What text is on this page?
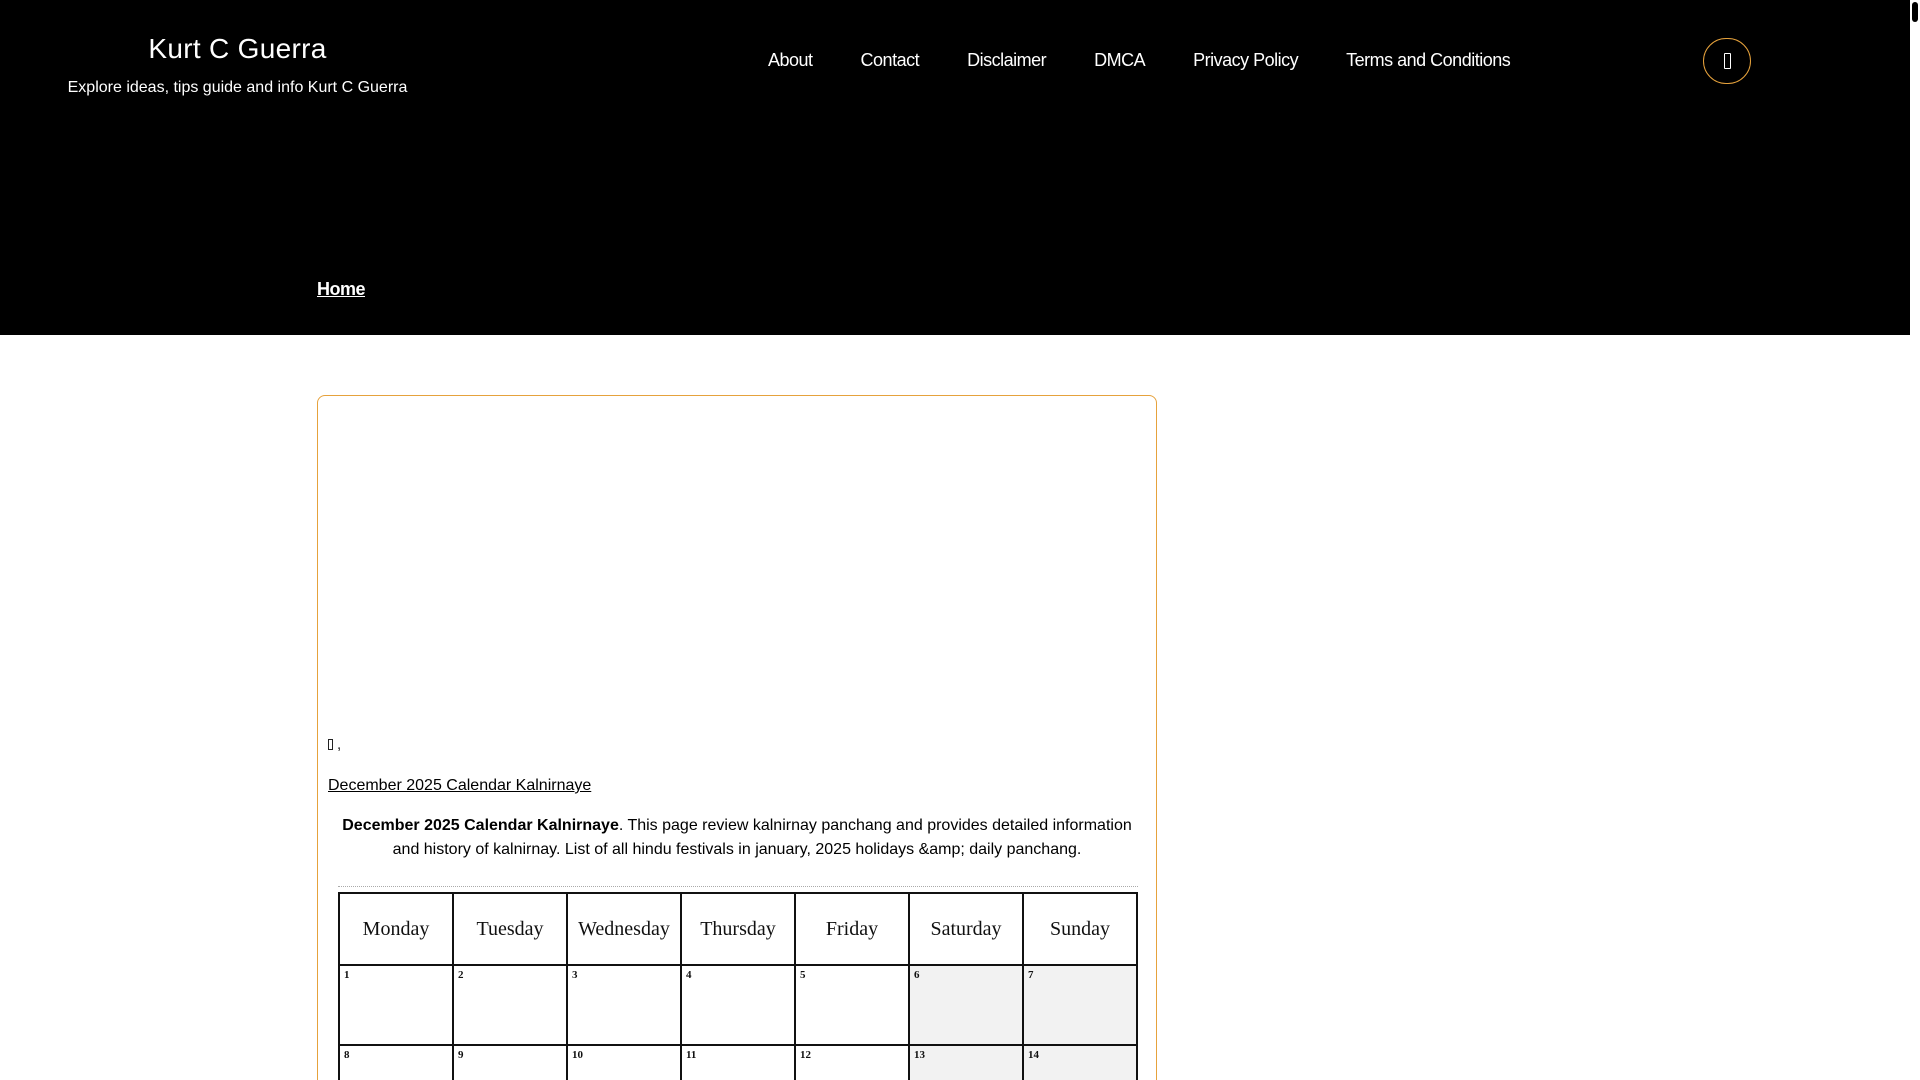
Kurt C Guerra
Explore ideas, tips guide and info Kurt C Guerra
About	Contact	Disclaimer	DMCA	Privacy Policy	Terms and Conditions
Home
,
December 2025 Calendar Kalnirnaye

December 2025 Calendar Kalnirnaye. This page review kalnirnay panchang and provides detailed information and history of kalnirnay. List of all hindu festivals in january, 2025 holidays &amp; daily panchang.

Monday	Tuesday	Wednesday	Thursday	Friday	Saturday	Sunday
1	2	3	4	5	6	7
8	9	10	11	12	13	14
